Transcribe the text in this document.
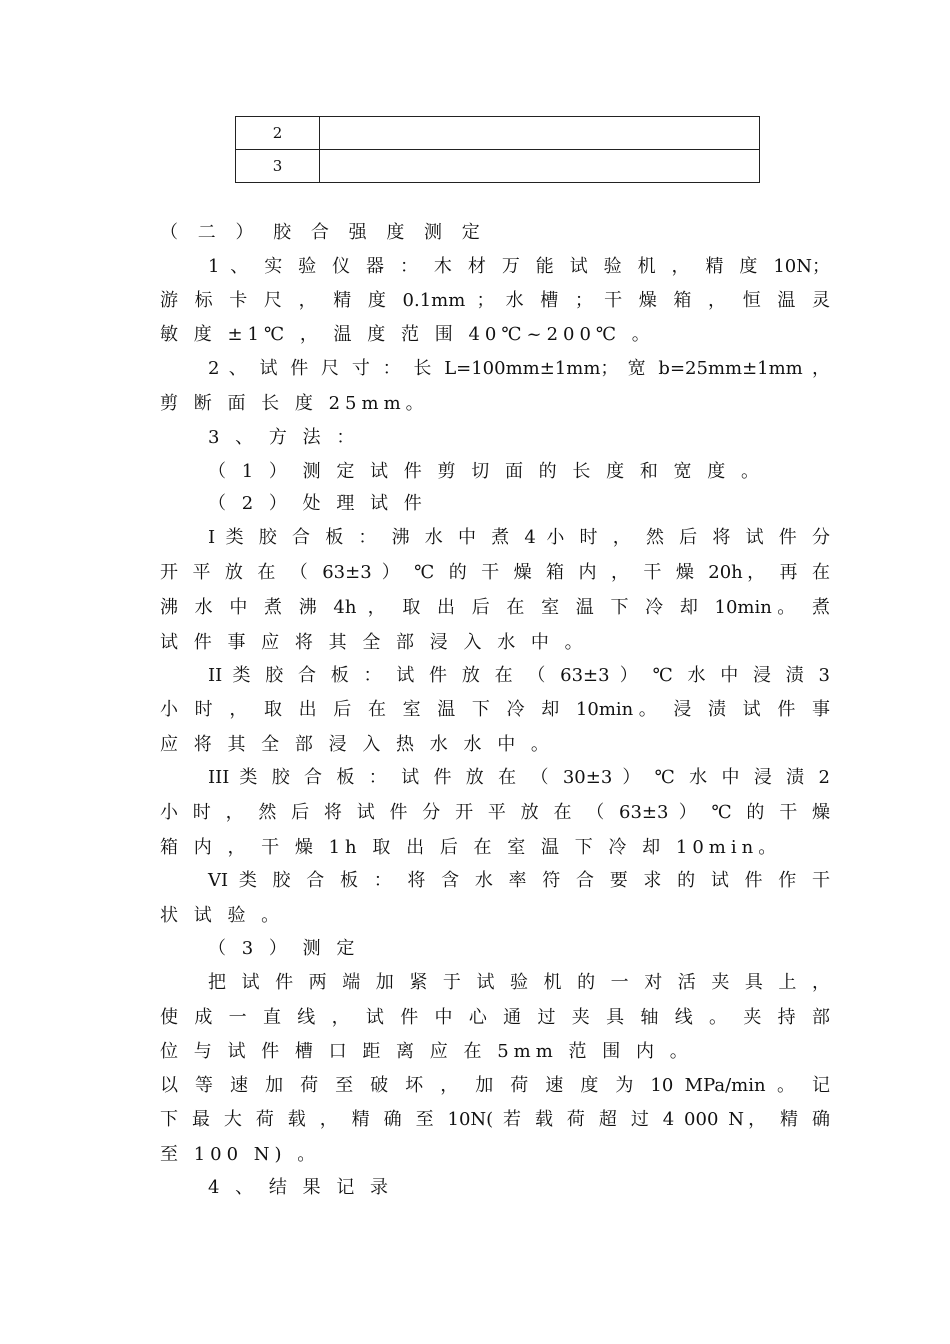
2	
3	
（ 二 ） 胶 合 强 度 测 定
1 、 实 验 仪 器 ： 木 材 万 能 试 验 机 ， 精 度 10N；
游 标 卡 尺 ， 精 度 0.1mm ； 水 槽 ； 干 燥 箱 ， 恒 温 灵
敏 度 ±1℃ ， 温 度 范 围 40℃~200℃ 。
2 、 试 件 尺 寸 ： 长 L=100mm±1mm； 宽 b=25mm±1mm ，
剪 断 面 长 度 25mm。
3 、 方 法 ：
（ 1 ） 测 定 试 件 剪 切 面 的 长 度 和 宽 度 。
（ 2 ） 处 理 试 件
I 类 胶 合 板 ： 沸 水 中 煮 4 小 时 ， 然 后 将 试 件 分
开 平 放 在 （ 63±3 ） ℃ 的 干 燥 箱 内 ， 干 燥 20h， 再 在
沸 水 中 煮 沸 4h ， 取 出 后 在 室 温 下 冷 却 10min。 煮
试 件 事 应 将 其 全 部 浸 入 水 中 。
II 类 胶 合 板 ： 试 件 放 在 （ 63±3 ） ℃ 水 中 浸 渍 3
小 时 ， 取 出 后 在 室 温 下 冷 却 10min。 浸 渍 试 件 事
应 将 其 全 部 浸 入 热 水 水 中 。
III 类 胶 合 板 ： 试 件 放 在 （ 30±3 ） ℃ 水 中 浸 渍 2
小 时 ， 然 后 将 试 件 分 开 平 放 在 （ 63±3 ） ℃ 的 干 燥
箱 内 ， 干 燥 1h 取 出 后 在 室 温 下 冷 却 10min。
VI 类 胶 合 板 ： 将 含 水 率 符 合 要 求 的 试 件 作 干
状 试 验 。
（ 3 ） 测 定
把 试 件 两 端 加 紧 于 试 验 机 的 一 对 活 夹 具 上 ，
使 成 一 直 线 ， 试 件 中 心 通 过 夹 具 轴 线 。 夹 持 部
位 与 试 件 槽 口 距 离 应 在 5mm 范 围 内 。
以 等 速 加 荷 至 破 坏 ， 加 荷 速 度 为 10 MPa/min 。 记
下 最 大 荷 载 ， 精 确 至 10N( 若 载 荷 超 过 4 000 N， 精 确
至 100 N) 。
4 、 结 果 记 录
